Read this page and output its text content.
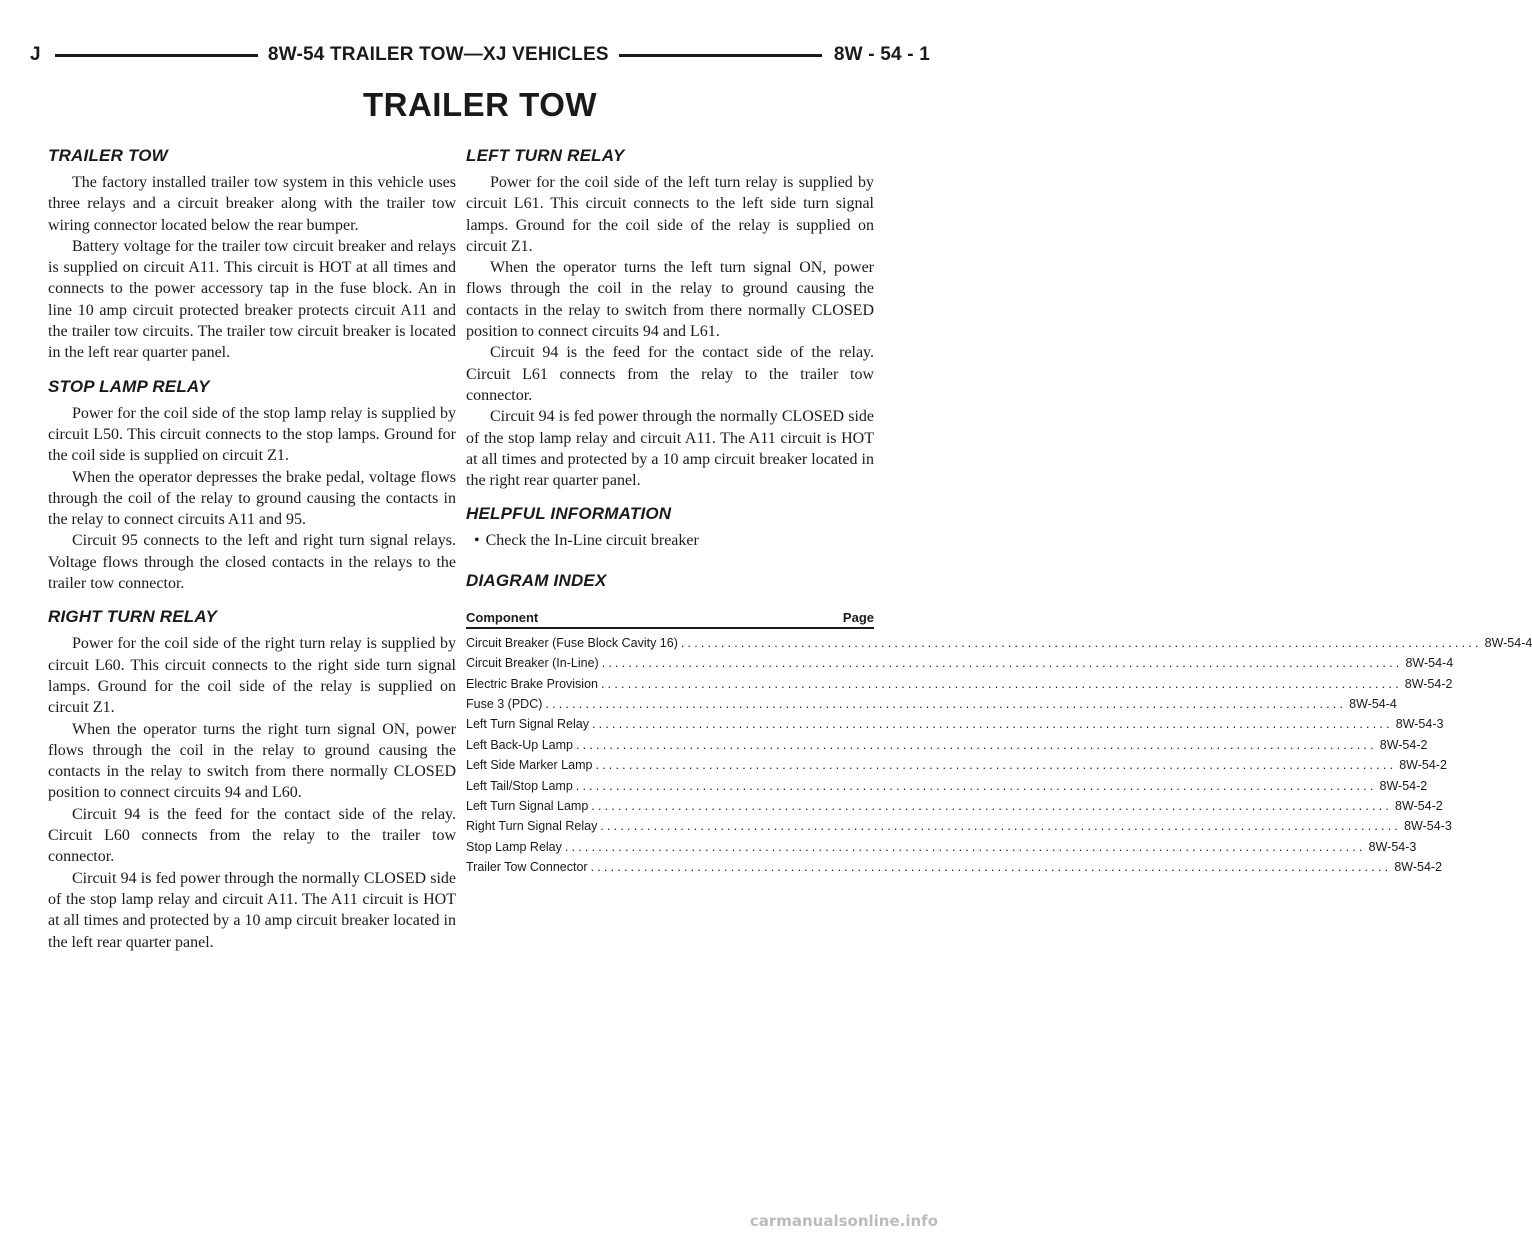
J	8W-54 TRAILER TOW—XJ VEHICLES	8W - 54 - 1
TRAILER TOW
TRAILER TOW

The factory installed trailer tow system in this vehicle uses three relays and a circuit breaker along with the trailer tow wiring connector located below the rear bumper.

Battery voltage for the trailer tow circuit breaker and relays is supplied on circuit A11. This circuit is HOT at all times and connects to the power accessory tap in the fuse block. An in line 10 amp circuit protected breaker protects circuit A11 and the trailer tow circuits. The trailer tow circuit breaker is located in the left rear quarter panel.

STOP LAMP RELAY

Power for the coil side of the stop lamp relay is supplied by circuit L50. This circuit connects to the stop lamps. Ground for the coil side is supplied on circuit Z1.

When the operator depresses the brake pedal, voltage flows through the coil of the relay to ground causing the contacts in the relay to connect circuits A11 and 95.

Circuit 95 connects to the left and right turn signal relays. Voltage flows through the closed contacts in the relays to the trailer tow connector.

RIGHT TURN RELAY

Power for the coil side of the right turn relay is supplied by circuit L60. This circuit connects to the right side turn signal lamps. Ground for the coil side of the relay is supplied on circuit Z1.

When the operator turns the right turn signal ON, power flows through the coil in the relay to ground causing the contacts in the relay to switch from there normally CLOSED position to connect circuits 94 and L60.

Circuit 94 is the feed for the contact side of the relay. Circuit L60 connects from the relay to the trailer tow connector.

Circuit 94 is fed power through the normally CLOSED side of the stop lamp relay and circuit A11. The A11 circuit is HOT at all times and protected by a 10 amp circuit breaker located in the left rear quarter panel.

LEFT TURN RELAY

Power for the coil side of the left turn relay is supplied by circuit L61. This circuit connects to the left side turn signal lamps. Ground for the coil side of the relay is supplied on circuit Z1.

When the operator turns the left turn signal ON, power flows through the coil in the relay to ground causing the contacts in the relay to switch from there normally CLOSED position to connect circuits 94 and L61.

Circuit 94 is the feed for the contact side of the relay. Circuit L61 connects from the relay to the trailer tow connector.

Circuit 94 is fed power through the normally CLOSED side of the stop lamp relay and circuit A11. The A11 circuit is HOT at all times and protected by a 10 amp circuit breaker located in the right rear quarter panel.

HELPFUL INFORMATION
• Check the In-Line circuit breaker
DIAGRAM INDEX
Component	Page
Circuit Breaker (Fuse Block Cavity 16) ........................................................................................................................ 8W-54-4
Circuit Breaker (In-Line) ........................................................................................................................ 8W-54-4
Electric Brake Provision ........................................................................................................................ 8W-54-2
Fuse 3 (PDC) ........................................................................................................................ 8W-54-4
Left Turn Signal Relay ........................................................................................................................ 8W-54-3
Left Back-Up Lamp ........................................................................................................................ 8W-54-2
Left Side Marker Lamp ........................................................................................................................ 8W-54-2
Left Tail/Stop Lamp ........................................................................................................................ 8W-54-2
Left Turn Signal Lamp ........................................................................................................................ 8W-54-2
Right Turn Signal Relay ........................................................................................................................ 8W-54-3
Stop Lamp Relay ........................................................................................................................ 8W-54-3
Trailer Tow Connector ........................................................................................................................ 8W-54-2
carmanualsonline.info
